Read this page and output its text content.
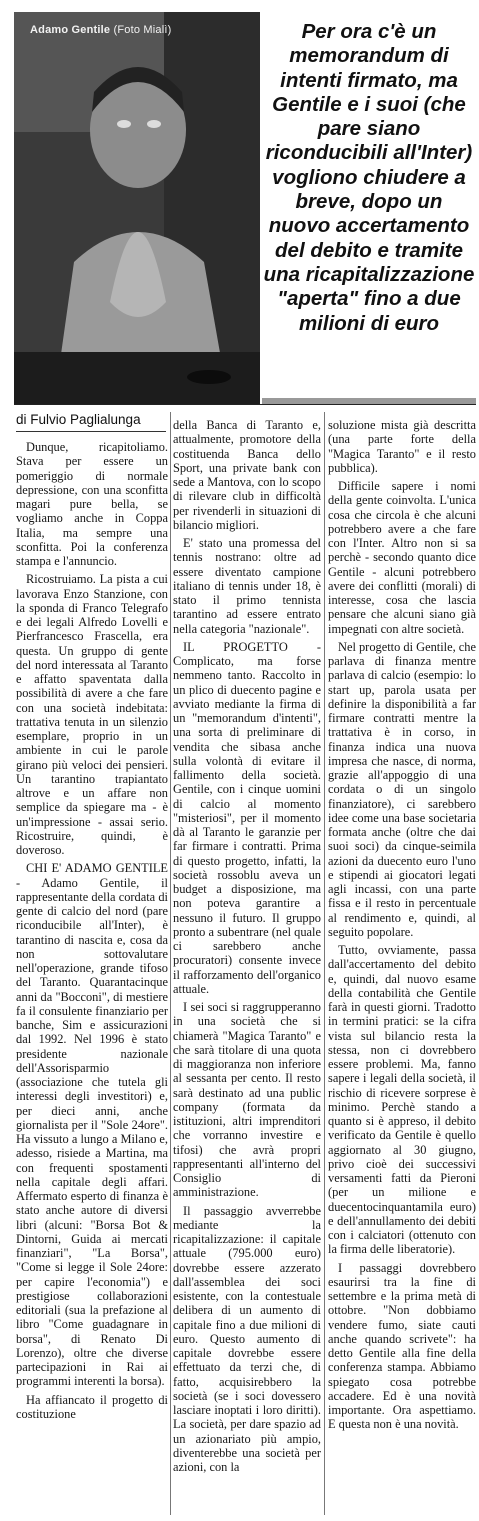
Adamo Gentile (Foto Mialì)	Per ora c'è un memorandum di intenti firmato, ma Gentile e i suoi (che pare siano riconducibili all'Inter) vogliono chiudere a breve, dopo un nuovo accertamento del debito e tramite una ricapitalizzazione "aperta" fino a due milioni di euro
di Fulvio Paglialunga

Dunque, ricapitoliamo. Stava per essere un pomeriggio di normale depressione, con una sconfitta magari pure bella, se vogliamo anche in Coppa Italia, ma sempre una sconfitta. Poi la conferenza stampa e l'annuncio.

Ricostruiamo. La pista a cui lavorava Enzo Stanzione, con la sponda di Franco Telegrafo e dei legali Alfredo Lovelli e Pierfrancesco Frascella, era questa. Un gruppo di gente del nord interessata al Taranto e affatto spaventata dalla possibilità di avere a che fare con una società indebitata: trattativa tenuta in un silenzio esemplare, proprio in un ambiente in cui le parole girano più veloci dei pensieri. Un tarantino trapiantato altrove e un affare non semplice da spiegare ma - è un'impressione - assai serio. Ricostruire, quindi, è doveroso.

CHI E' ADAMO GENTILE - Adamo Gentile, il rappresentante della cordata di gente di calcio del nord (pare riconducibile all'Inter), è tarantino di nascita e, cosa da non sottovalutare nell'operazione, grande tifoso del Taranto. Quarantacinque anni da "Bocconi", di mestiere fa il consulente finanziario per banche, Sim e assicurazioni dal 1992. Nel 1996 è stato presidente nazionale dell'Assorisparmio (associazione che tutela gli interessi degli investitori) e, per dieci anni, anche giornalista per il "Sole 24ore". Ha vissuto a lungo a Milano e, adesso, risiede a Martina, ma con frequenti spostamenti nella capitale degli affari. Affermato esperto di finanza è stato anche autore di diversi libri (alcuni: "Borsa Bot & Dintorni, Guida ai mercati finanziari", "La Borsa", "Come si legge il Sole 24ore: per capire l'economia") e prestigiose collaborazioni editoriali (sua la prefazione al libro "Come guadagnare in borsa", di Renato Di Lorenzo), oltre che diverse partecipazioni in Rai ai programmi interenti la borsa).

Ha affiancato il progetto di costituzione

della Banca di Taranto e, attualmente, promotore della costituenda Banca dello Sport, una private bank con sede a Mantova, con lo scopo di rilevare club in difficoltà per rivenderli in situazioni di bilancio migliori.

E' stato una promessa del tennis nostrano: oltre ad essere diventato campione italiano di tennis under 18, è stato il primo tennista tarantino ad essere entrato nella categoria "nazionale".

IL PROGETTO - Complicato, ma forse nemmeno tanto. Raccolto in un plico di duecento pagine e avviato mediante la firma di un "memorandum d'intenti", una sorta di preliminare di vendita che sibasa anche sulla volontà di evitare il fallimento della società. Gentile, con i cinque uomini di calcio al momento "misteriosi", per il momento dà al Taranto le garanzie per far firmare i contratti. Prima di questo progetto, infatti, la società rossoblu aveva un budget a disposizione, ma non poteva garantire a nessuno il futuro. Il gruppo pronto a subentrare (nel quale ci sarebbero anche procuratori) consente invece il rafforzamento dell'organico attuale.

I sei soci si raggrupperanno in una società che si chiamerà "Magica Taranto" e che sarà titolare di una quota di maggioranza non inferiore al sessanta per cento. Il resto sarà destinato ad una public company (formata da istituzioni, altri imprenditori che vorranno investire e tifosi) che avrà propri rappresentanti all'interno del Consiglio di amministrazione.

Il passaggio avverrebbe mediante la ricapitalizzazione: il capitale attuale (795.000 euro) dovrebbe essere azzerato dall'assemblea dei soci esistente, con la contestuale delibera di un aumento di capitale fino a due milioni di euro. Questo aumento di capitale dovrebbe essere effettuato da terzi che, di fatto, acquisirebbero la società (se i soci dovessero lasciare inoptati i loro diritti). La società, per dare spazio ad un azionariato più ampio, diventerebbe una società per azioni, con la

soluzione mista già descritta (una parte forte della "Magica Taranto" e il resto pubblica).

Difficile sapere i nomi della gente coinvolta. L'unica cosa che circola è che alcuni potrebbero avere a che fare con l'Inter. Altro non si sa perchè - secondo quanto dice Gentile - alcuni potrebbero avere dei conflitti (morali) di interesse, cosa che lascia pensare che alcuni siano già impegnati con altre società.

Nel progetto di Gentile, che parlava di finanza mentre parlava di calcio (esempio: lo start up, parola usata per definire la disponibilità a far firmare contratti mentre la trattativa è in corso, in finanza indica una nuova impresa che nasce, di norma, grazie all'appoggio di una cordata o di un singolo finanziatore), ci sarebbero idee come una base societaria formata anche (oltre che dai suoi soci) da cinque-seimila azioni da duecento euro l'uno e stipendi ai giocatori legati agli incassi, con una parte fissa e il resto in percentuale al rendimento e, quindi, al seguito popolare.

Tutto, ovviamente, passa dall'accertamento del debito e, quindi, dal nuovo esame della contabilità che Gentile farà in questi giorni. Tradotto in termini pratici: se la cifra vista sul bilancio resta la stessa, non ci dovrebbero essere problemi. Ma, fanno sapere i legali della società, il rischio di ricevere sorprese è minimo. Perchè stando a quanto si è appreso, il debito verificato da Gentile è quello aggiornato al 30 giugno, privo cioè dei successivi versamenti fatti da Pieroni (per un milione e duecentocinquantamila euro) e dell'annullamento dei debiti con i calciatori (ottenuto con la firma delle liberatorie).

I passaggi dovrebbero esaurirsi tra la fine di settembre e la prima metà di ottobre. "Non dobbiamo vendere fumo, siate cauti anche quando scrivete": ha detto Gentile alla fine della conferenza stampa. Abbiamo spiegato cosa potrebbe accadere. Ed è una novità importante. Ora aspettiamo. E questa non è una novità.
